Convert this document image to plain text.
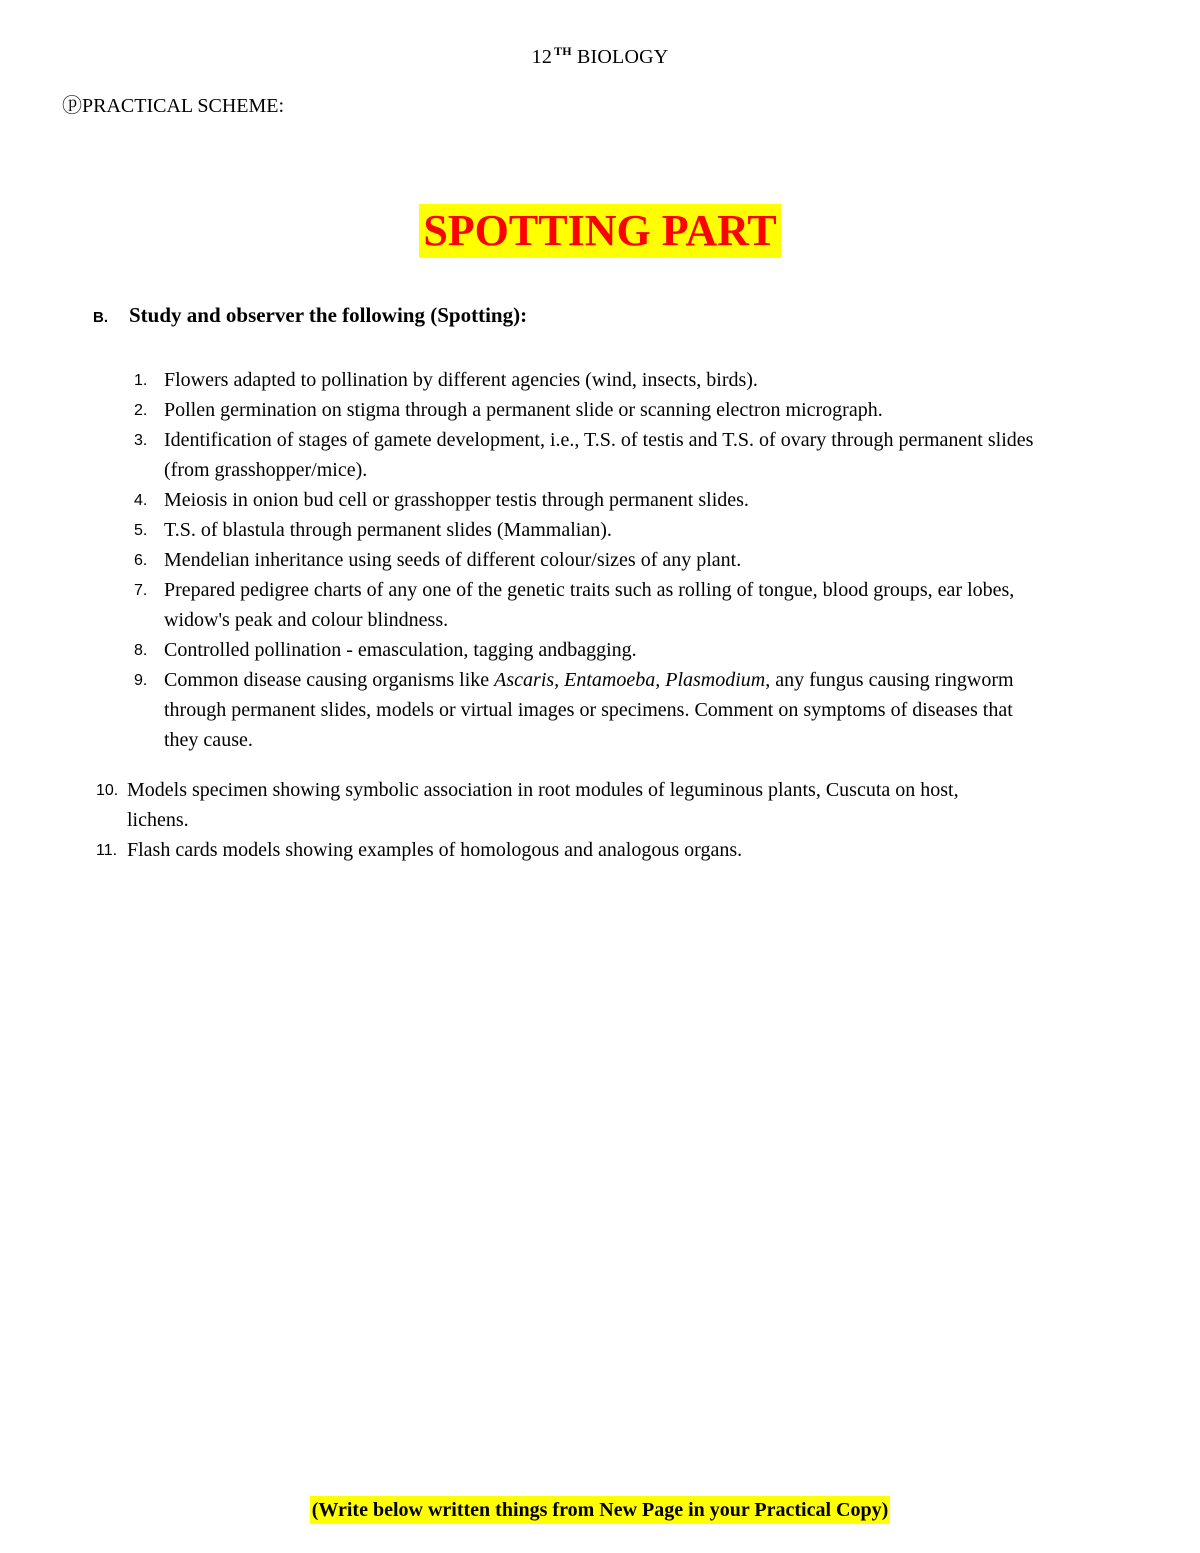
12 $^{TH}$ BIOLOGY
ⓟPRACTICAL SCHEME:
SPOTTING PART
B. Study and observer the following (Spotting):
1. Flowers adapted to pollination by different agencies (wind, insects, birds).
2. Pollen germination on stigma through a permanent slide or scanning electron micrograph.
3. Identification of stages of gamete development, i.e., T.S. of testis and T.S. of ovary through permanent slides (from grasshopper/mice).
4. Meiosis in onion bud cell or grasshopper testis through permanent slides.
5. T.S. of blastula through permanent slides (Mammalian).
6. Mendelian inheritance using seeds of different colour/sizes of any plant.
7. Prepared pedigree charts of any one of the genetic traits such as rolling of tongue, blood groups, ear lobes, widow's peak and colour blindness.
8. Controlled pollination - emasculation, tagging andbagging.
9. Common disease causing organisms like Ascaris, Entamoeba, Plasmodium, any fungus causing ringworm through permanent slides, models or virtual images or specimens. Comment on symptoms of diseases that they cause.
10. Models specimen showing symbolic association in root modules of leguminous plants, Cuscuta on host, lichens.
11. Flash cards models showing examples of homologous and analogous organs.
(Write below written things from New Page in your Practical Copy)
